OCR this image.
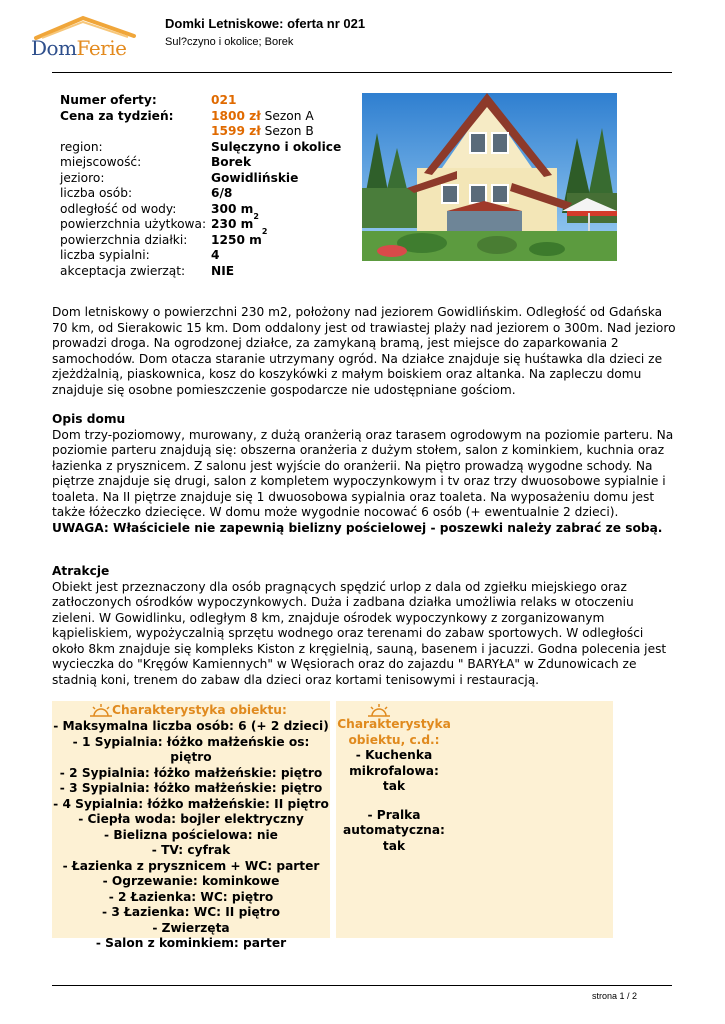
DomFerie
Domki Letniskowe: oferta nr 021
Sul?czyno i okolice; Borek
Numer oferty:	021
Cena za tydzień:	1800 zł Sezon A
1599 zł Sezon B
region:	Sulęczyno i okolice
miejscowość:	Borek
jezioro:	Gowidlińskie
liczba osób:	6/8
odległość od wody:	300 m
powierzchnia użytkowa: 230 $m^2$
powierzchnia działki: 1250 $m^2$
liczba sypialni:	4
akceptacja zwierząt: NIE
Dom letniskowy o powierzchni 230 m2, położony nad jeziorem Gowidlińskim. Odległość od Gdańska 70 km, od Sierakowic 15 km. Dom oddalony jest od trawiastej plaży nad jeziorem o 300m. Nad jezioro prowadzi droga. Na ogrodzonej działce, za zamykaną bramą, jest miejsce do zaparkowania 2 samochodów. Dom otacza staranie utrzymany ogród. Na działce znajduje się huśtawka dla dzieci ze zjeżdżalnią, piaskownica, kosz do koszykówki z małym boiskiem oraz altanka. Na zapleczu domu znajduje się osobne pomieszczenie gospodarcze nie udostępniane gościom.
Opis domu
Dom trzy-poziomowy, murowany, z dużą oranżerią oraz tarasem ogrodowym na poziomie parteru. Na poziomie parteru znajdują się: obszerna oranżeria z dużym stołem, salon z kominkiem, kuchnia oraz łazienka z prysznicem. Z salonu jest wyjście do oranżerii. Na piętro prowadzą wygodne schody. Na piętrze znajduje się drugi, salon z kompletem wypoczynkowym i tv oraz trzy dwuosobowe sypialnie i toaleta. Na II piętrze znajduje się 1 dwuosobowa sypialnia oraz toaleta. Na wyposażeniu domu jest także łóżeczko dziecięce. W domu może wygodnie nocować 6 osób (+ ewentualnie 2 dzieci).
UWAGA: Właściciele nie zapewnią bielizny pościelowej - poszewki należy zabrać ze sobą.
Atrakcje
Obiekt jest przeznaczony dla osób pragnących spędzić urlop z dala od zgiełku miejskiego oraz zatłoczonych ośrodków wypoczynkowych. Duża i zadbana działka umożliwia relaks w otoczeniu zieleni. W Gowidlinku, odległym 8 km, znajduje ośrodek wypoczynkowy z zorganizowanym kąpieliskiem, wypożyczalnią sprzętu wodnego oraz terenami do zabaw sportowych. W odległości około 8km znajduje się kompleks Kiston z kręgielnią, sauną, basenem i jacuzzi. Godna polecenia jest wycieczka do "Kręgów Kamiennych" w Węsiorach oraz do zajazdu " BARYŁA" w Zdunowicach ze stadnią koni, trenem do zabaw dla dzieci oraz kortami tenisowymi i restauracją.
Charakterystyka obiektu:
- Maksymalna liczba osób: 6 (+ 2 dzieci)
- 1 Sypialnia: łóżko małżeńskie os: piętro
- 2 Sypialnia: łóżko małżeńskie: piętro
- 3 Sypialnia: łóżko małżeńskie: piętro
- 4 Sypialnia: łóżko małżeńskie: II piętro
- Ciepła woda: bojler elektryczny
- Bielizna pościelowa: nie
- TV: cyfrak
- Łazienka z prysznicem + WC: parter
- Ogrzewanie: kominkowe
- 2 Łazienka: WC: piętro
- 3 Łazienka: WC: II piętro
- Zwierzęta
- Salon z kominkiem: parter
Charakterystyka obiektu, c.d.:
- Kuchenka mikrofalowa: tak
- Pralka automatyczna: tak
strona 1 / 2
